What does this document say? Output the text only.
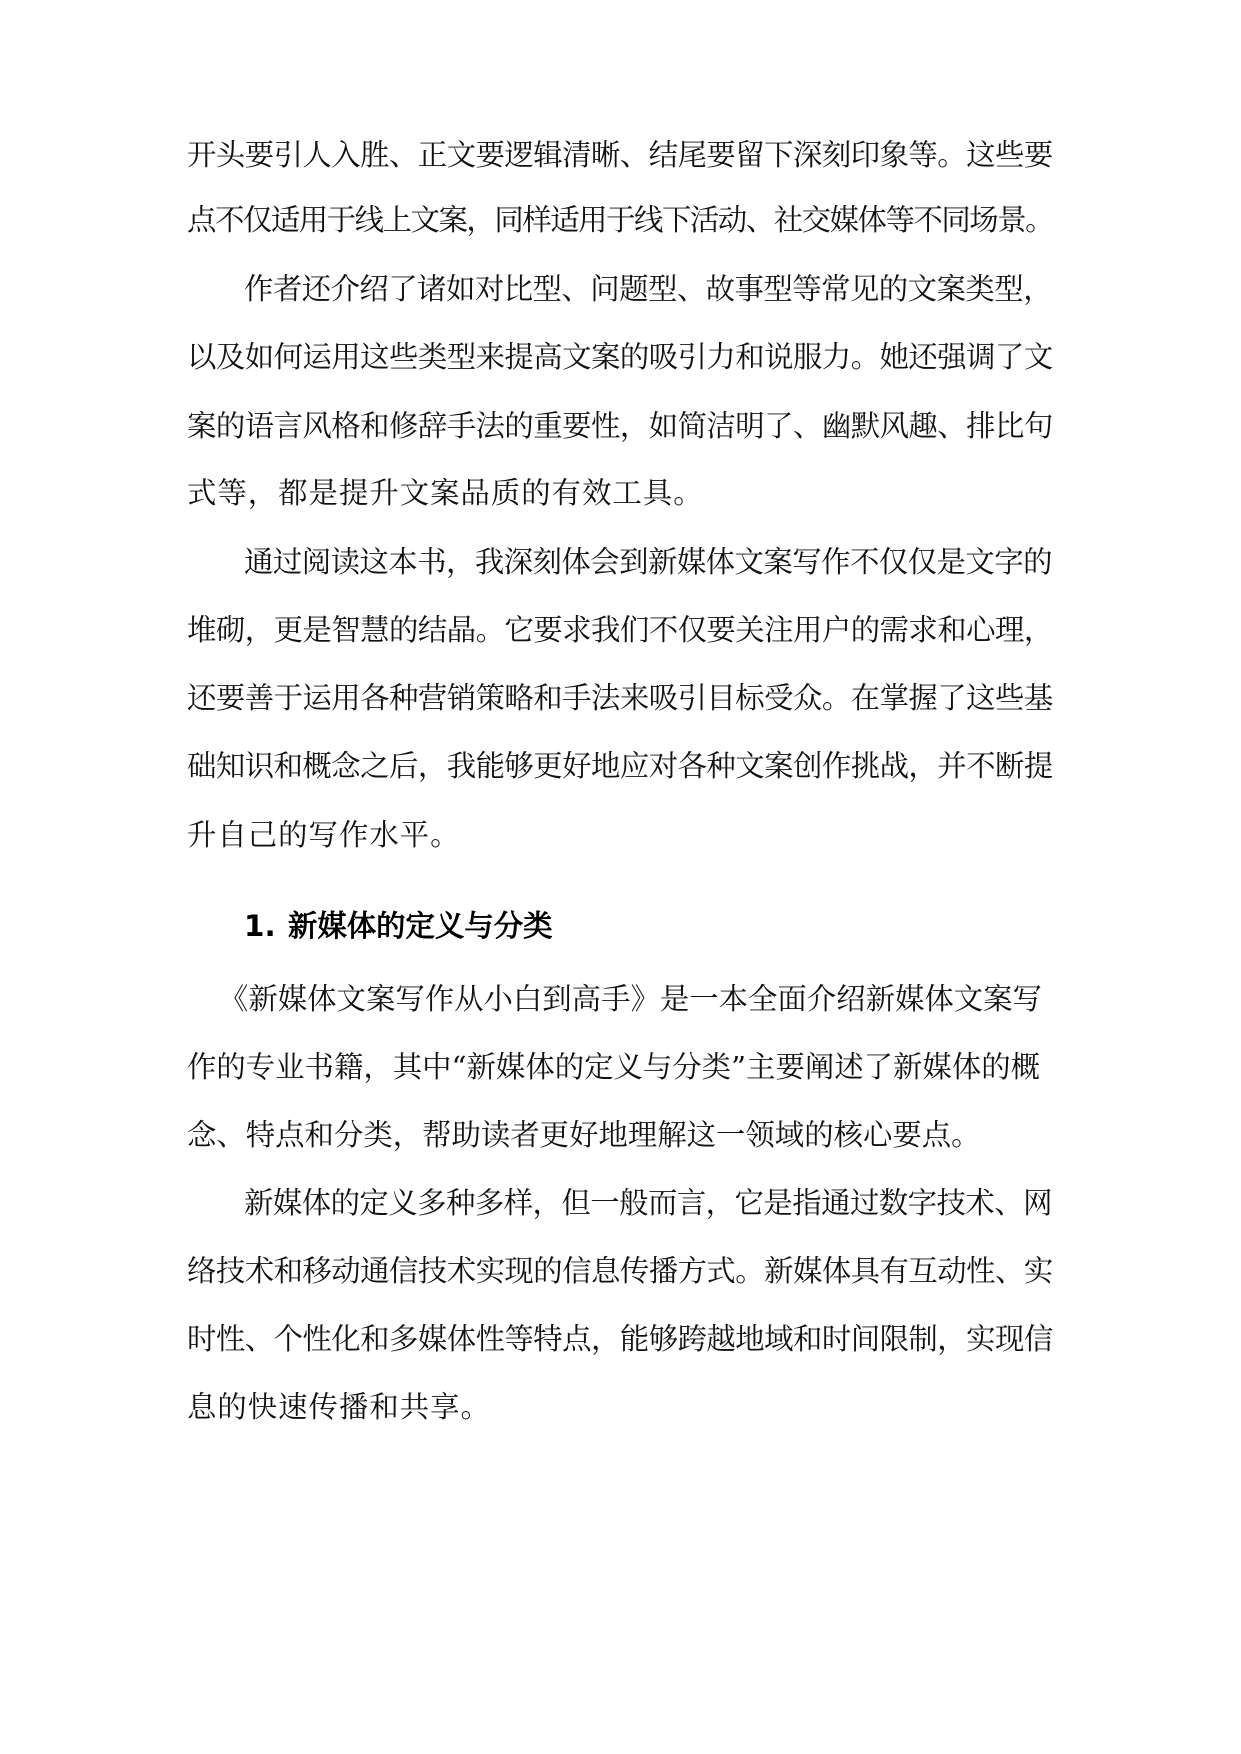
开头要引人入胜、正文要逻辑清晰、结尾要留下深刻印象等。这些要
点不仅适用于线上文案，同样适用于线下活动、社交媒体等不同场景。
作者还介绍了诸如对比型、问题型、故事型等常见的文案类型，
以及如何运用这些类型来提高文案的吸引力和说服力。她还强调了文
案的语言风格和修辞手法的重要性，如简洁明了、幽默风趣、排比句
式等，都是提升文案品质的有效工具。
通过阅读这本书，我深刻体会到新媒体文案写作不仅仅是文字的
堆砌，更是智慧的结晶。它要求我们不仅要关注用户的需求和心理，
还要善于运用各种营销策略和手法来吸引目标受众。在掌握了这些基
础知识和概念之后，我能够更好地应对各种文案创作挑战，并不断提
升自己的写作水平。
1. 新媒体的定义与分类
《新媒体文案写作从小白到高手》是一本全面介绍新媒体文案写
作的专业书籍，其中“新媒体的定义与分类”主要阐述了新媒体的概
念、特点和分类，帮助读者更好地理解这一领域的核心要点。
新媒体的定义多种多样，但一般而言，它是指通过数字技术、网
络技术和移动通信技术实现的信息传播方式。新媒体具有互动性、实
时性、个性化和多媒体性等特点，能够跨越地域和时间限制，实现信
息的快速传播和共享。
